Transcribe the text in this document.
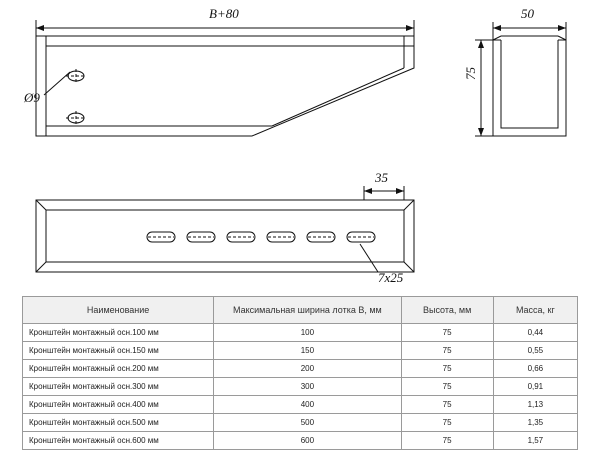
B+80
Ø9
50
75
35
7x25
Наименование	Максимальная ширина лотка B, мм	Высота, мм	Масса, кг
Кронштейн монтажный осн.100 мм	100	75	0,44
Кронштейн монтажный осн.150 мм	150	75	0,55
Кронштейн монтажный осн.200 мм	200	75	0,66
Кронштейн монтажный осн.300 мм	300	75	0,91
Кронштейн монтажный осн.400 мм	400	75	1,13
Кронштейн монтажный осн.500 мм	500	75	1,35
Кронштейн монтажный осн.600 мм	600	75	1,57
